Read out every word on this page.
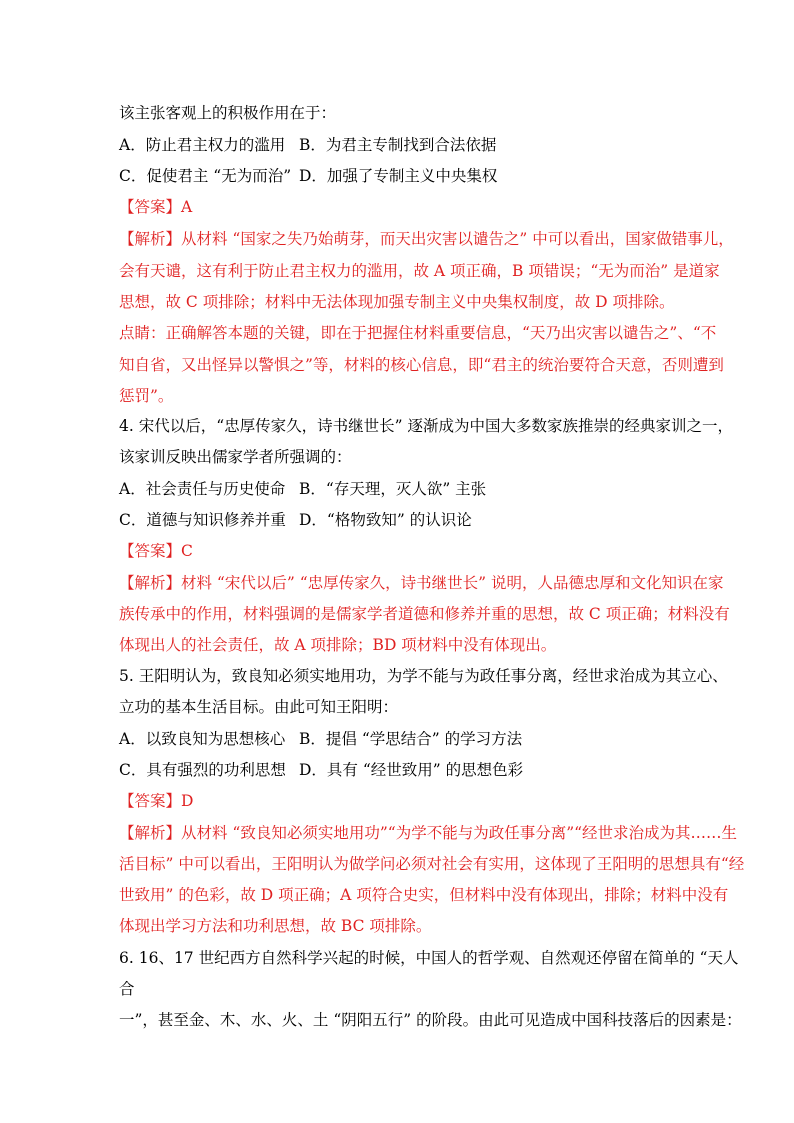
该主张客观上的积极作用在于：
A．防止君主权力的滥用 B．为君主专制找到合法依据
C．促使君主 “无为而治” D．加强了专制主义中央集权
【答案】A
【解析】从材料 “国家之失乃始萌芽，而天出灾害以谴告之” 中可以看出，国家做错事儿，
会有天谴，这有利于防止君主权力的滥用，故 A 项正确，B 项错误；“无为而治” 是道家
思想，故 C 项排除；材料中无法体现加强专制主义中央集权制度，故 D 项排除。
点睛：正确解答本题的关键，即在于把握住材料重要信息，“天乃出灾害以谴告之”、“不
知自省，又出怪异以警惧之”等，材料的核心信息，即“君主的统治要符合天意，否则遭到
惩罚”。
4. 宋代以后，“忠厚传家久，诗书继世长” 逐渐成为中国大多数家族推崇的经典家训之一，
该家训反映出儒家学者所强调的：
A．社会责任与历史使命 B．“存天理，灭人欲” 主张
C．道德与知识修养并重 D．“格物致知” 的认识论
【答案】C
【解析】材料 “宋代以后” “忠厚传家久，诗书继世长” 说明，人品德忠厚和文化知识在家
族传承中的作用，材料强调的是儒家学者道德和修养并重的思想，故 C 项正确；材料没有
体现出人的社会责任，故 A 项排除；BD 项材料中没有体现出。
5. 王阳明认为，致良知必须实地用功，为学不能与为政任事分离，经世求治成为其立心、
立功的基本生活目标。由此可知王阳明：
A．以致良知为思想核心 B．提倡 “学思结合” 的学习方法
C．具有强烈的功利思想 D．具有 “经世致用” 的思想色彩
【答案】D
【解析】从材料 “致良知必须实地用功”“为学不能与为政任事分离”“经世求治成为其……生
活目标” 中可以看出，王阳明认为做学问必须对社会有实用，这体现了王阳明的思想具有“经
世致用” 的色彩，故 D 项正确；A 项符合史实，但材料中没有体现出，排除；材料中没有
体现出学习方法和功利思想，故 BC 项排除。
6. 16、17 世纪西方自然科学兴起的时候，中国人的哲学观、自然观还停留在简单的 “天人
合
一”，甚至金、木、水、火、土 “阴阳五行” 的阶段。由此可见造成中国科技落后的因素是：
